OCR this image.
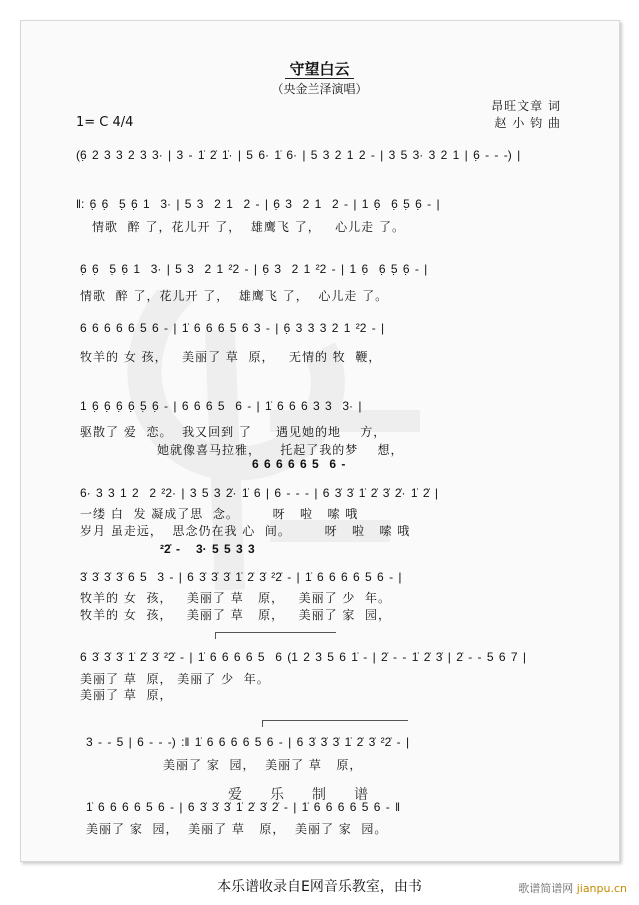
守望白云
（央金兰泽演唱）
昂旺文章 词
赵 小 钧 曲
1= C 4/4
(6̣ 2 3 3 2 3 3· | 3 - 1̇ 2̇ 1̇· | 5 6· 1̇ 6· | 5 3 2 1 2 - | 3 5 3· 3 2 1 | 6̣ - - -) |
‖: 6̣ 6̣  5̣ 6̣ 1  3· | 5 3  2 1  2 - | 6̣ 3  2 1  2 - | 1 6̣  6̣ 5̣ 6̣ - |
情歌  醉 了，花儿开 了，  雄鹰飞 了，   心儿走 了。
6̣ 6̣  5̣ 6̣ 1  3· | 5 3  2 1 ²2 - | 6̣ 3  2 1 ²2 - | 1 6̣  6̣ 5̣ 6̣ - |
情歌  醉 了，花儿开 了，  雄鹰飞 了，  心儿走 了。
6 6 6 6 6 5 6 - | 1̇ 6 6 6 5 6 3 - | 6̣ 3 3 3 2 1 ²2 - |
牧羊的 女 孩，   美丽了 草  原，   无情的 牧  鞭，
1 6̣ 6̣ 6̣ 6̣ 5̣ 6̣ - | 6 6 6 5  6 - | 1̇ 6 6 6 3 3  3· |
驱散了 爱  恋。  我又回到 了     遇见她的地    方，
她就像喜马拉雅，    托起了我的梦    想，
6 6 6 6 6 5  6 -
6· 3 3 1 2  2 ²2· | 3 5 3 2̇· 1̇ 6 | 6 - - - | 6 3̇ 3̇ 1̇ 2̇ 3̇ 2̇· 1̇ 2̇ |
一缕 白  发 凝成了思  念。       呀   啦   嗦 哦
岁月 虽走远，  思念仍在我 心  间。       呀   啦   嗦 哦
²2̇ -   3· 5 5 3 3
3̇ 3̇ 3̇ 3̇ 6 5  3 - | 6 3̇ 3̇ 3̇ 1̇ 2̇ 3̇ ²2̇ - | 1̇ 6 6 6 6 5 6 - |
牧羊的 女  孩，   美丽了 草   原，   美丽了 少  年。
牧羊的 女  孩，   美丽了 草   原，   美丽了 家  园，
6 3̇ 3̇ 3̇ 1̇ 2̇ 3̇ ²2̇ - | 1̇ 6 6 6 6 5  6 (1 2 3 5 6 1̇ - | 2̇ - - 1̇ 2̇ 3̇ | 2̇ - - 5 6 7 |
美丽了 草  原， 美丽了 少  年。
美丽了 草  原，
3 - - 5 | 6 - - -) :‖ 1̇ 6 6 6 6 5 6 - | 6 3̇ 3̇ 3̇ 1̇ 2̇ 3̇ ²2̇ - |
美丽了 家  园，  美丽了 草   原，
爱乐制谱
1̇ 6 6 6 6 5 6 - | 6 3̇ 3̇ 3̇ 1̇ 2̇ 3̇ 2̇ - | 1̇ 6 6 6 6 5 6 - ‖
美丽了 家  园，  美丽了 草   原，  美丽了 家  园。
本乐谱收录自E网音乐教室，由书	歌谱简谱网 jianpu.cn
